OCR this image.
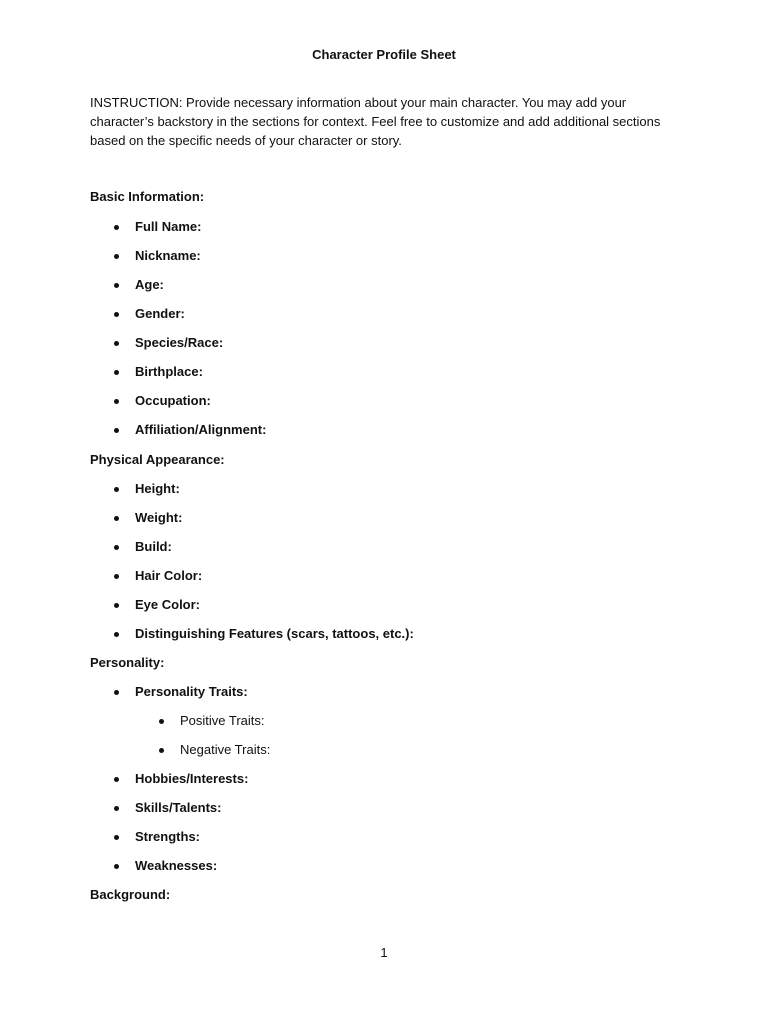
Character Profile Sheet
INSTRUCTION: Provide necessary information about your main character. You may add your character’s backstory in the sections for context. Feel free to customize and add additional sections based on the specific needs of your character or story.
Basic Information:
Full Name:
Nickname:
Age:
Gender:
Species/Race:
Birthplace:
Occupation:
Affiliation/Alignment:
Physical Appearance:
Height:
Weight:
Build:
Hair Color:
Eye Color:
Distinguishing Features (scars, tattoos, etc.):
Personality:
Personality Traits:
Positive Traits:
Negative Traits:
Hobbies/Interests:
Skills/Talents:
Strengths:
Weaknesses:
Background:
1
